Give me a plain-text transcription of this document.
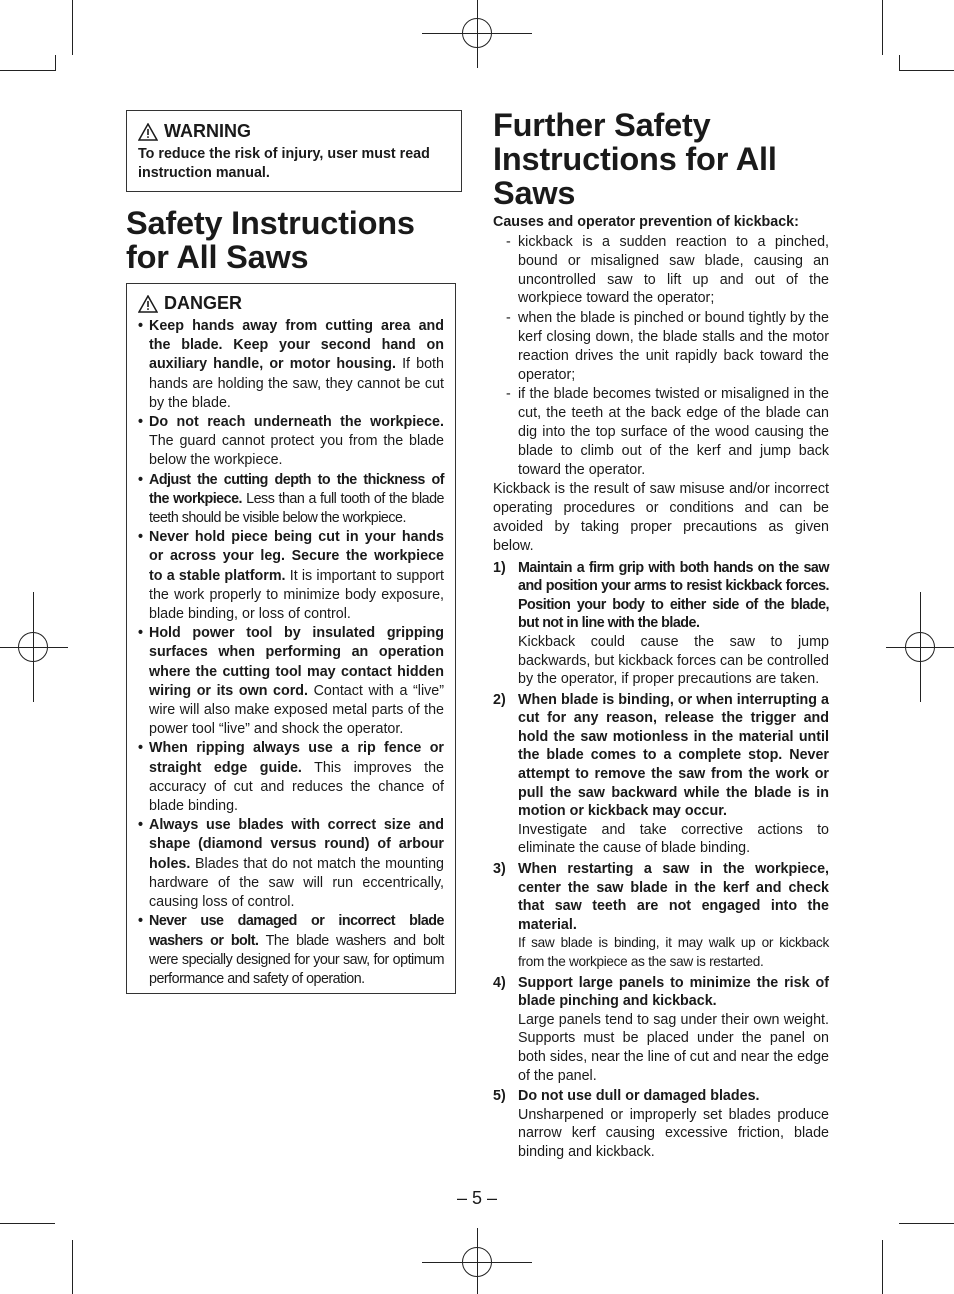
WARNING
To reduce the risk of injury, user must read instruction manual.
Safety Instructions for All Saws
DANGER
• Keep hands away from cutting area and the blade. Keep your second hand on auxiliary handle, or motor housing. If both hands are holding the saw, they cannot be cut by the blade.
• Do not reach underneath the workpiece. The guard cannot protect you from the blade below the workpiece.
• Adjust the cutting depth to the thickness of the workpiece. Less than a full tooth of the blade teeth should be visible below the workpiece.
• Never hold piece being cut in your hands or across your leg. Secure the workpiece to a stable platform. It is important to support the work properly to minimize body exposure, blade binding, or loss of control.
• Hold power tool by insulated gripping surfaces when performing an operation where the cutting tool may contact hidden wiring or its own cord. Contact with a “live” wire will also make exposed metal parts of the power tool “live” and shock the operator.
• When ripping always use a rip fence or straight edge guide. This improves the accuracy of cut and reduces the chance of blade binding.
• Always use blades with correct size and shape (diamond versus round) of arbour holes. Blades that do not match the mounting hardware of the saw will run eccentrically, causing loss of control.
• Never use damaged or incorrect blade washers or bolt. The blade washers and bolt were specially designed for your saw, for optimum performance and safety of operation.
Further Safety Instructions for All Saws
Causes and operator prevention of kickback:
- kickback is a sudden reaction to a pinched, bound or misaligned saw blade, causing an uncontrolled saw to lift up and out of the workpiece toward the operator;
- when the blade is pinched or bound tightly by the kerf closing down, the blade stalls and the motor reaction drives the unit rapidly back toward the operator;
- if the blade becomes twisted or misaligned in the cut, the teeth at the back edge of the blade can dig into the top surface of the wood causing the blade to climb out of the kerf and jump back toward the operator.

Kickback is the result of saw misuse and/or incorrect operating procedures or conditions and can be avoided by taking proper precautions as given below.

1) Maintain a firm grip with both hands on the saw and position your arms to resist kickback forces. Position your body to either side of the blade, but not in line with the blade.
Kickback could cause the saw to jump backwards, but kickback forces can be controlled by the operator, if proper precautions are taken.
2) When blade is binding, or when interrupting a cut for any reason, release the trigger and hold the saw motionless in the material until the blade comes to a complete stop. Never attempt to remove the saw from the work or pull the saw backward while the blade is in motion or kickback may occur.
Investigate and take corrective actions to eliminate the cause of blade binding.
3) When restarting a saw in the workpiece, center the saw blade in the kerf and check that saw teeth are not engaged into the material.
If saw blade is binding, it may walk up or kickback from the workpiece as the saw is restarted.
4) Support large panels to minimize the risk of blade pinching and kickback.
Large panels tend to sag under their own weight. Supports must be placed under the panel on both sides, near the line of cut and near the edge of the panel.
5) Do not use dull or damaged blades.
Unsharpened or improperly set blades produce narrow kerf causing excessive friction, blade binding and kickback.
– 5 –
